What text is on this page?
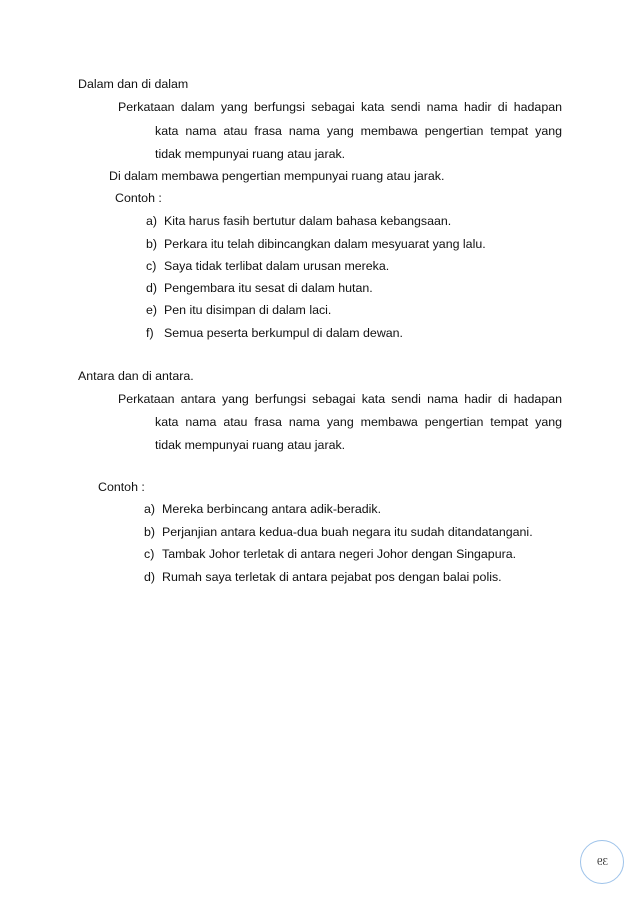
Dalam dan di dalam
Perkataan dalam yang berfungsi sebagai kata sendi nama hadir di hadapan
kata nama atau frasa nama yang membawa pengertian tempat yang
tidak mempunyai ruang atau jarak.
Di dalam membawa pengertian mempunyai ruang atau jarak.
Contoh :
a) Kita harus fasih bertutur dalam bahasa kebangsaan.
b) Perkara itu telah dibincangkan dalam mesyuarat yang lalu.
c) Saya tidak terlibat dalam urusan mereka.
d) Pengembara itu sesat di dalam hutan.
e) Pen itu disimpan di dalam laci.
f) Semua peserta berkumpul di dalam dewan.
Antara dan di antara.
Perkataan antara yang berfungsi sebagai kata sendi nama hadir di hadapan
kata nama atau frasa nama yang membawa pengertian tempat yang
tidak mempunyai ruang atau jarak.
Contoh :
a) Mereka berbincang antara adik-beradik.
b) Perjanjian antara kedua-dua buah negara itu sudah ditandatangani.
c) Tambak Johor terletak di antara negeri Johor dengan Singapura.
d) Rumah saya terletak di antara pejabat pos dengan balai polis.
39
